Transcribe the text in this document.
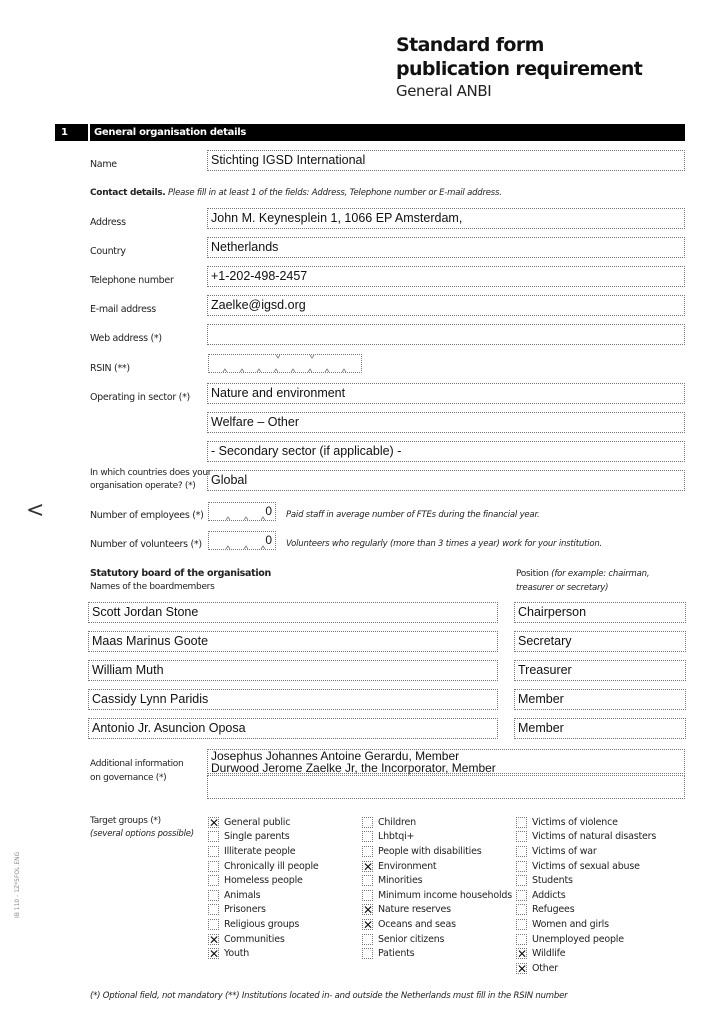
Standard form
publication requirement
General ANBI
1	General organisation details
<
Name	Stichting IGSD International
Contact details. Please fill in at least 1 of the fields: Address, Telephone number or E-mail address.
Address	John M. Keynesplein 1, 1066 EP Amsterdam,
Country	Netherlands
Telephone number	+1-202-498-2457
E-mail address	Zaelke@igsd.org
Web address (*)
RSIN (**)
Operating in sector (*)	Nature and environment
Welfare – Other
- Secondary sector (if applicable) -
In which countries does your
organisation operate? (*)	Global
Number of employees (*)	0 Paid staff in average number of FTEs during the financial year.
Number of volunteers (*)	0 Volunteers who regularly (more than 3 times a year) work for your institution.
Statutory board of the organisation
Names of the boardmembers
Position (for example: chairman,
treasurer or secretary)
Scott Jordan Stone	Chairperson
Maas Marinus Goote	Secretary
William Muth	Treasurer
Cassidy Lynn Paridis	Member
Antonio Jr. Asuncion Oposa	Member
Additional information
on governance (*)
Josephus Johannes Antoine Gerardu, Member
Durwood Jerome Zaelke Jr, the Incorporator, Member
Target groups (*)
(several options possible)
✕ General public
Single parents
Illiterate people
Chronically ill people
Homeless people
Animals
Prisoners
Religious groups
✕ Communities
✕ Youth
Children
Lhbtqi+
People with disabilities
✕ Environment
Minorities
Minimum income households
✕ Nature reserves
✕ Oceans and seas
Senior citizens
Patients
Victims of violence
Victims of natural disasters
Victims of war
Victims of sexual abuse
Students
Addicts
Refugees
Women and girls
Unemployed people
✕ Wildlife
✕ Other
(*) Optional field, not mandatory (**) Institutions located in- and outside the Netherlands must fill in the RSIN number
IB 110 - 1Z*5FOL ENG
